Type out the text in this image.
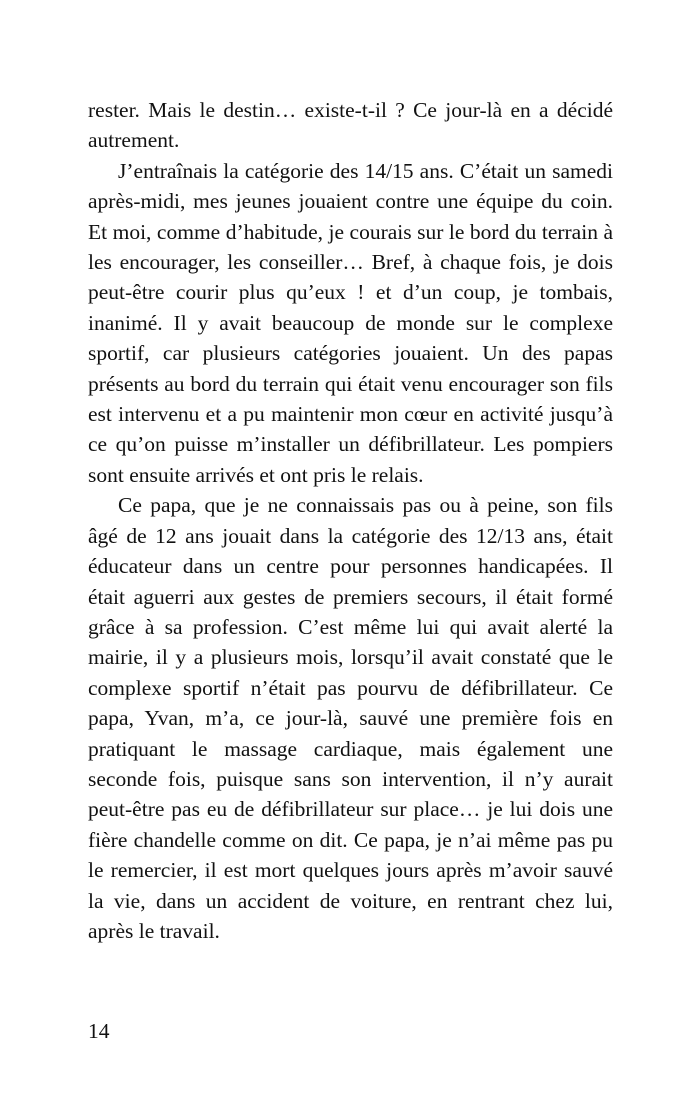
rester. Mais le destin… existe-t-il ? Ce jour-là en a décidé autrement.

J’entraînais la catégorie des 14/15 ans. C’était un samedi après-midi, mes jeunes jouaient contre une équipe du coin. Et moi, comme d’habitude, je courais sur le bord du terrain à les encourager, les conseiller… Bref, à chaque fois, je dois peut-être courir plus qu’eux ! et d’un coup, je tombais, inanimé. Il y avait beaucoup de monde sur le complexe sportif, car plusieurs catégories jouaient. Un des papas présents au bord du terrain qui était venu encourager son fils est intervenu et a pu maintenir mon cœur en activité jusqu’à ce qu’on puisse m’installer un défibrillateur. Les pompiers sont ensuite arrivés et ont pris le relais.

Ce papa, que je ne connaissais pas ou à peine, son fils âgé de 12 ans jouait dans la catégorie des 12/13 ans, était éducateur dans un centre pour personnes handicapées. Il était aguerri aux gestes de premiers secours, il était formé grâce à sa profession. C’est même lui qui avait alerté la mairie, il y a plusieurs mois, lorsqu’il avait constaté que le complexe sportif n’était pas pourvu de défibrillateur. Ce papa, Yvan, m’a, ce jour-là, sauvé une première fois en pratiquant le massage cardiaque, mais également une seconde fois, puisque sans son intervention, il n’y aurait peut-être pas eu de défibrillateur sur place… je lui dois une fière chandelle comme on dit. Ce papa, je n’ai même pas pu le remercier, il est mort quelques jours après m’avoir sauvé la vie, dans un accident de voiture, en rentrant chez lui, après le travail.

14
